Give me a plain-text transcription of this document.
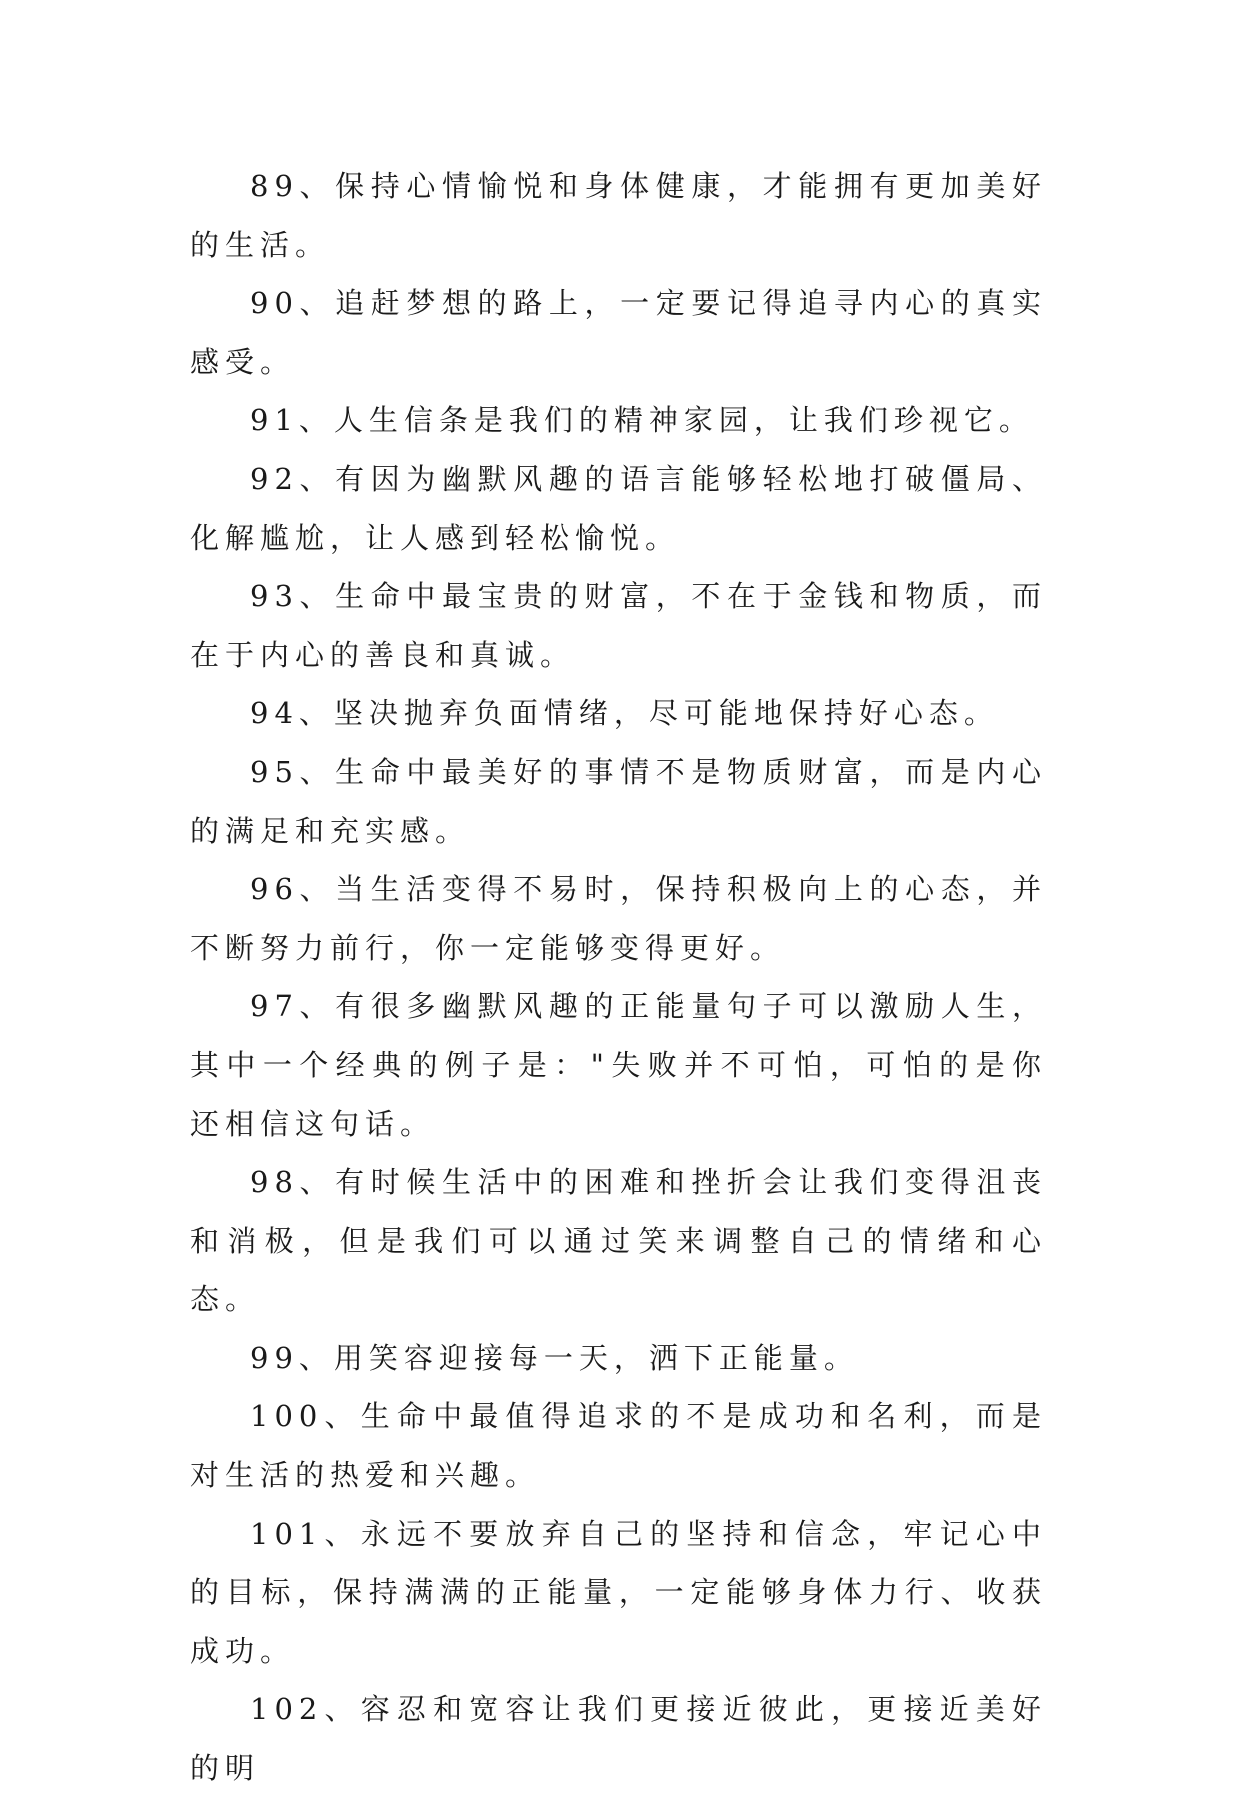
89、保持心情愉悦和身体健康，才能拥有更加美好的生活。

90、追赶梦想的路上，一定要记得追寻内心的真实感受。

91、人生信条是我们的精神家园，让我们珍视它。

92、有因为幽默风趣的语言能够轻松地打破僵局、化解尴尬，让人感到轻松愉悦。

93、生命中最宝贵的财富，不在于金钱和物质，而在于内心的善良和真诚。

94、坚决抛弃负面情绪，尽可能地保持好心态。

95、生命中最美好的事情不是物质财富，而是内心的满足和充实感。

96、当生活变得不易时，保持积极向上的心态，并不断努力前行，你一定能够变得更好。

97、有很多幽默风趣的正能量句子可以激励人生，其中一个经典的例子是："失败并不可怕，可怕的是你还相信这句话。

98、有时候生活中的困难和挫折会让我们变得沮丧和消极，但是我们可以通过笑来调整自己的情绪和心态。

99、用笑容迎接每一天，洒下正能量。

100、生命中最值得追求的不是成功和名利，而是对生活的热爱和兴趣。

101、永远不要放弃自己的坚持和信念，牢记心中的目标，保持满满的正能量，一定能够身体力行、收获成功。

102、容忍和宽容让我们更接近彼此，更接近美好的明
